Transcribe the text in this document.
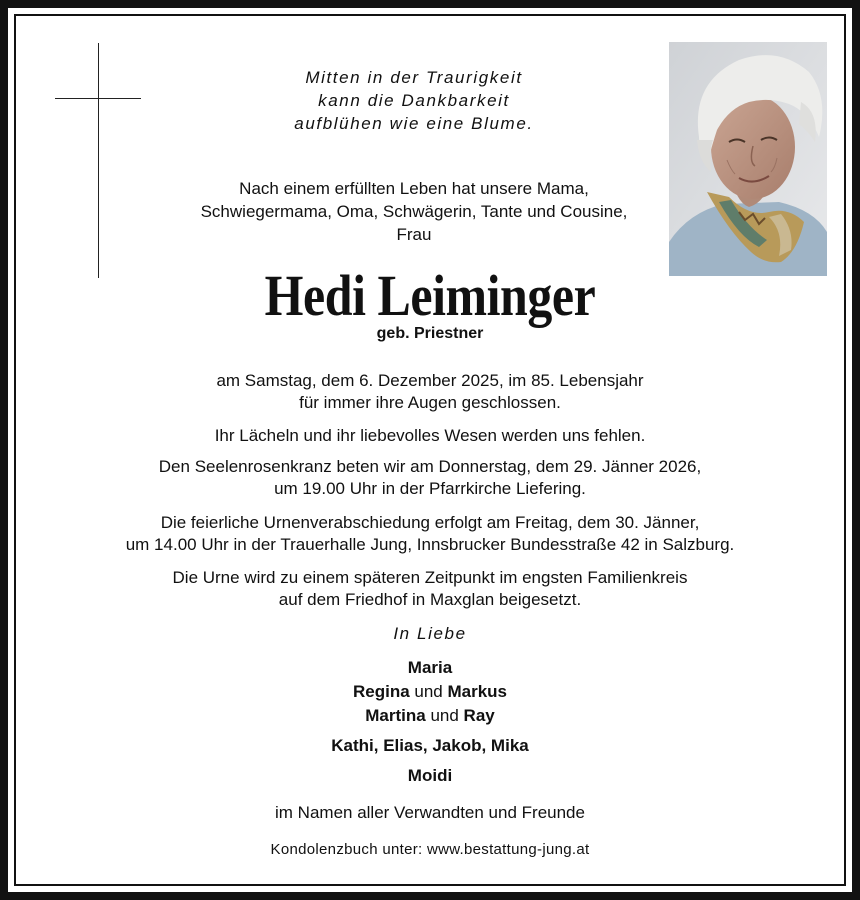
Mitten in der Traurigkeit
kann die Dankbarkeit
aufblühen wie eine Blume.
Nach einem erfüllten Leben hat unsere Mama,
Schwiegermama, Oma, Schwägerin, Tante und Cousine,
Frau
Hedi Leiminger
geb. Priestner
am Samstag, dem 6. Dezember 2025, im 85. Lebensjahr
für immer ihre Augen geschlossen.
Ihr Lächeln und ihr liebevolles Wesen werden uns fehlen.
Den Seelenrosenkranz beten wir am Donnerstag, dem 29. Jänner 2026,
um 19.00 Uhr in der Pfarrkirche Liefering.
Die feierliche Urnenverabschiedung erfolgt am Freitag, dem 30. Jänner,
um 14.00 Uhr in der Trauerhalle Jung, Innsbrucker Bundesstraße 42 in Salzburg.
Die Urne wird zu einem späteren Zeitpunkt im engsten Familienkreis
auf dem Friedhof in Maxglan beigesetzt.
In Liebe
Maria
Regina und Markus
Martina und Ray
Kathi, Elias, Jakob, Mika
Moidi
im Namen aller Verwandten und Freunde
Kondolenzbuch unter: www.bestattung-jung.at
